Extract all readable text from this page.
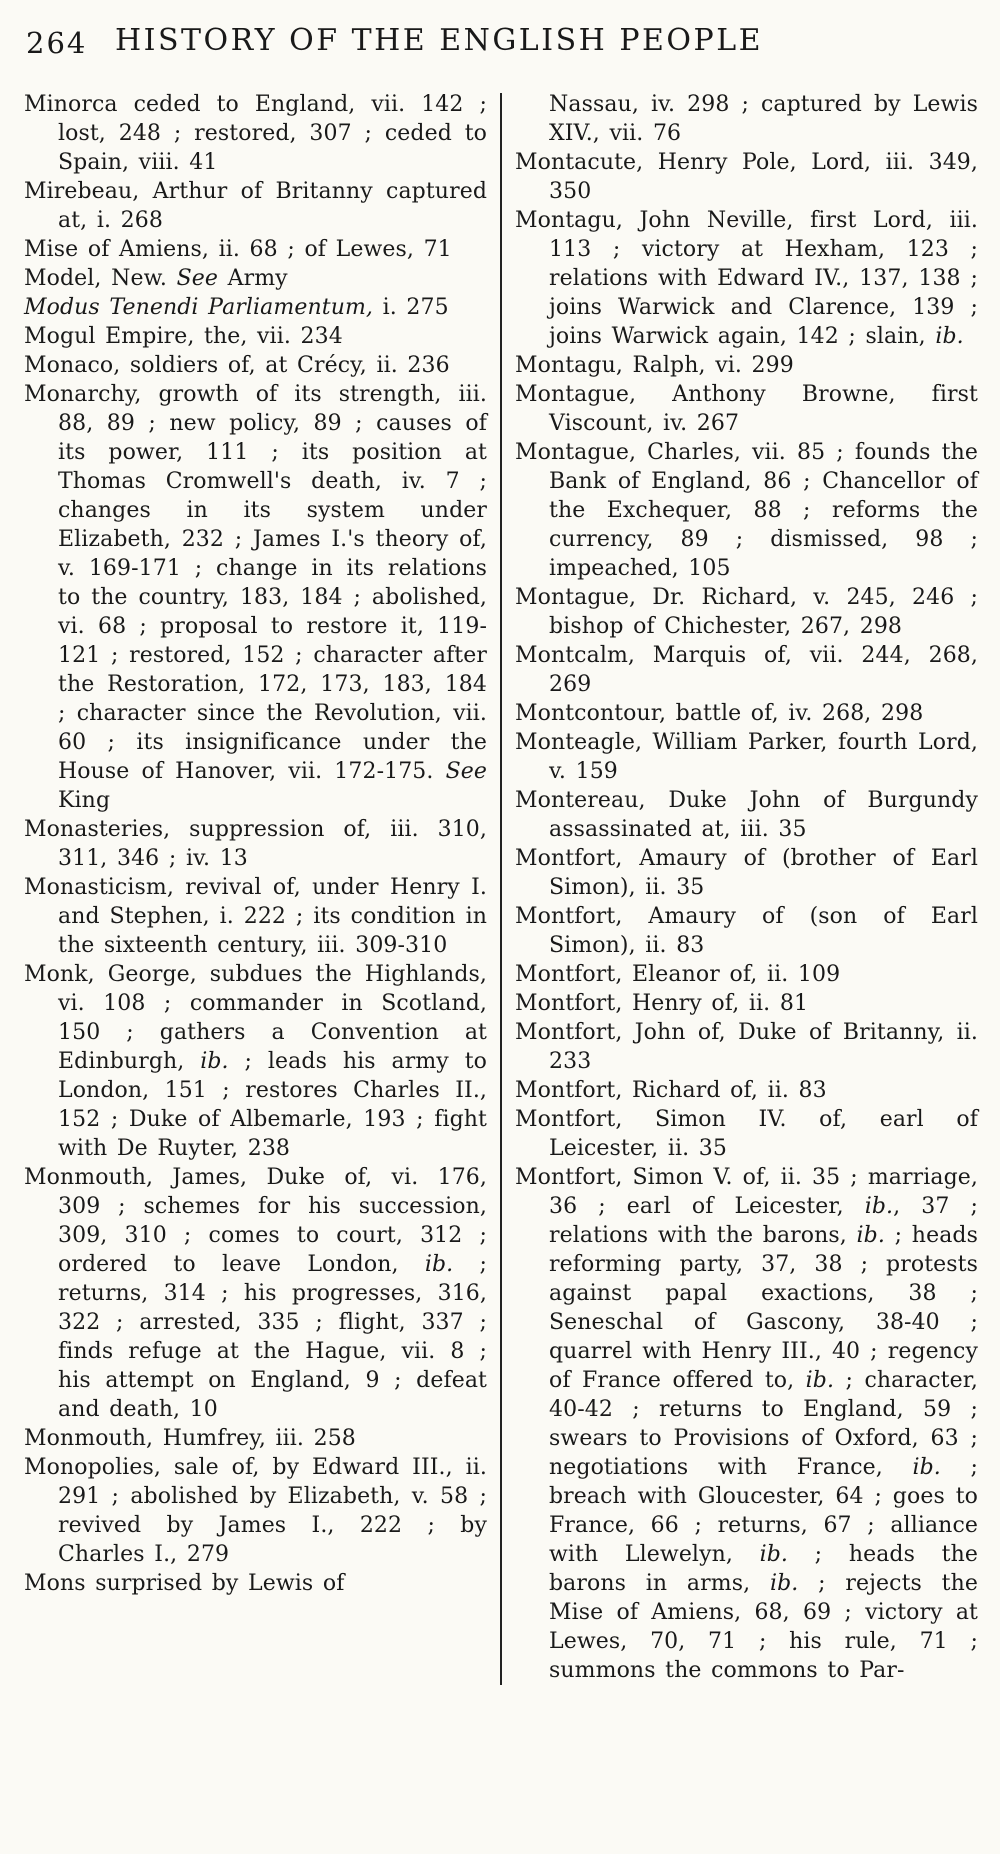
264 HISTORY OF THE ENGLISH PEOPLE

Minorca ceded to England, vii. 142 ; lost, 248 ; restored, 307 ; ceded to Spain, viii. 41

Mirebeau, Arthur of Britanny captured at, i. 268

Mise of Amiens, ii. 68 ; of Lewes, 71

Model, New. See Army

Modus Tenendi Parliamentum, i. 275

Mogul Empire, the, vii. 234

Monaco, soldiers of, at Crécy, ii. 236

Monarchy, growth of its strength, iii. 88, 89 ; new policy, 89 ; causes of its power, 111 ; its position at Thomas Cromwell's death, iv. 7 ; changes in its system under Elizabeth, 232 ; James I.'s theory of, v. 169-171 ; change in its relations to the country, 183, 184 ; abolished, vi. 68 ; proposal to restore it, 119-121 ; restored, 152 ; character after the Restoration, 172, 173, 183, 184 ; character since the Revolution, vii. 60 ; its insignificance under the House of Hanover, vii. 172-175. See King

Monasteries, suppression of, iii. 310, 311, 346 ; iv. 13

Monasticism, revival of, under Henry I. and Stephen, i. 222 ; its condition in the sixteenth century, iii. 309-310

Monk, George, subdues the Highlands, vi. 108 ; commander in Scotland, 150 ; gathers a Convention at Edinburgh, ib. ; leads his army to London, 151 ; restores Charles II., 152 ; Duke of Albemarle, 193 ; fight with De Ruyter, 238

Monmouth, James, Duke of, vi. 176, 309 ; schemes for his succession, 309, 310 ; comes to court, 312 ; ordered to leave London, ib. ; returns, 314 ; his progresses, 316, 322 ; arrested, 335 ; flight, 337 ; finds refuge at the Hague, vii. 8 ; his attempt on England, 9 ; defeat and death, 10

Monmouth, Humfrey, iii. 258

Monopolies, sale of, by Edward III., ii. 291 ; abolished by Elizabeth, v. 58 ; revived by James I., 222 ; by Charles I., 279

Mons surprised by Lewis of

Nassau, iv. 298 ; captured by Lewis XIV., vii. 76

Montacute, Henry Pole, Lord, iii. 349, 350

Montagu, John Neville, first Lord, iii. 113 ; victory at Hexham, 123 ; relations with Edward IV., 137, 138 ; joins Warwick and Clarence, 139 ; joins Warwick again, 142 ; slain, ib.

Montagu, Ralph, vi. 299

Montague, Anthony Browne, first Viscount, iv. 267

Montague, Charles, vii. 85 ; founds the Bank of England, 86 ; Chancellor of the Exchequer, 88 ; reforms the currency, 89 ; dismissed, 98 ; impeached, 105

Montague, Dr. Richard, v. 245, 246 ; bishop of Chichester, 267, 298

Montcalm, Marquis of, vii. 244, 268, 269

Montcontour, battle of, iv. 268, 298

Monteagle, William Parker, fourth Lord, v. 159

Montereau, Duke John of Burgundy assassinated at, iii. 35

Montfort, Amaury of (brother of Earl Simon), ii. 35

Montfort, Amaury of (son of Earl Simon), ii. 83

Montfort, Eleanor of, ii. 109

Montfort, Henry of, ii. 81

Montfort, John of, Duke of Britanny, ii. 233

Montfort, Richard of, ii. 83

Montfort, Simon IV. of, earl of Leicester, ii. 35

Montfort, Simon V. of, ii. 35 ; marriage, 36 ; earl of Leicester, ib., 37 ; relations with the barons, ib. ; heads reforming party, 37, 38 ; protests against papal exactions, 38 ; Seneschal of Gascony, 38-40 ; quarrel with Henry III., 40 ; regency of France offered to, ib. ; character, 40-42 ; returns to England, 59 ; swears to Provisions of Oxford, 63 ; negotiations with France, ib. ; breach with Gloucester, 64 ; goes to France, 66 ; returns, 67 ; alliance with Llewelyn, ib. ; heads the barons in arms, ib. ; rejects the Mise of Amiens, 68, 69 ; victory at Lewes, 70, 71 ; his rule, 71 ; summons the commons to Par-
